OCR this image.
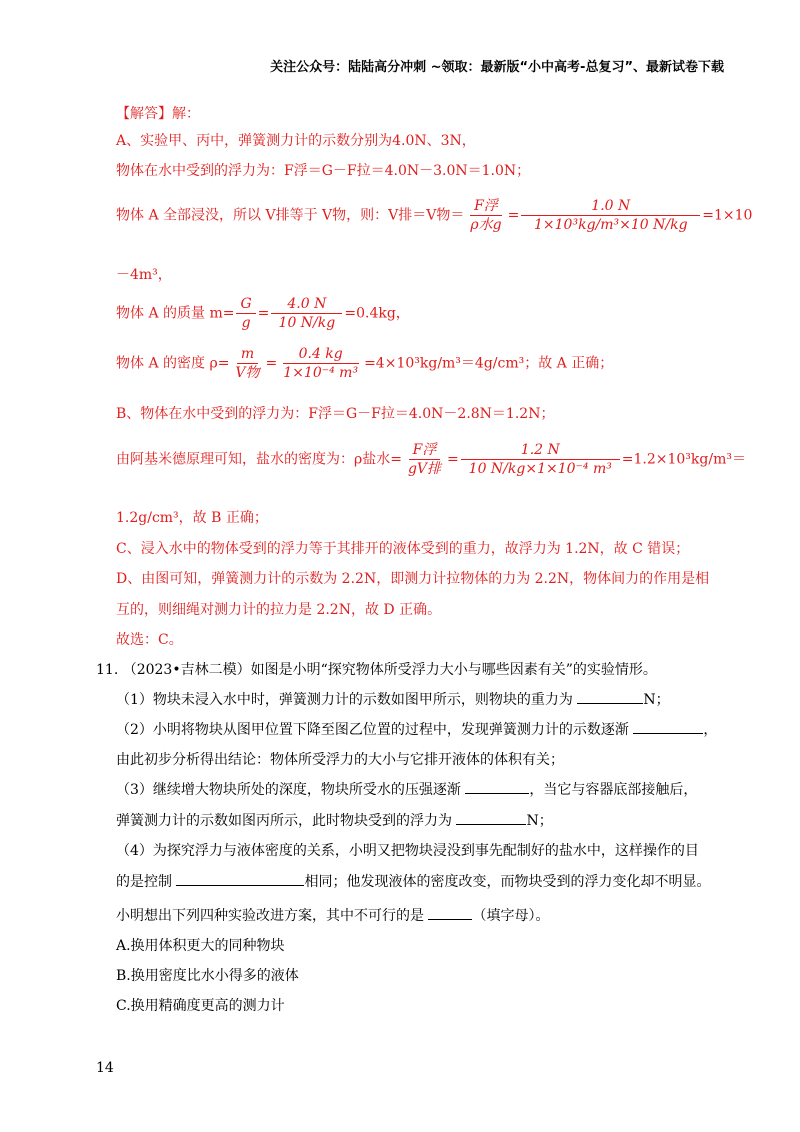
关注公众号：陆陆高分冲刺 ~领取：最新版“小中高考-总复习”、最新试卷下载
【解答】解：
A、实验甲、丙中，弹簧测力计的示数分别为4.0N、3N，
物体在水中受到的浮力为：F浮＝G－F拉＝4.0N－3.0N＝1.0N；
物体 A 全部浸没，所以 V排等于 V物，则：V排＝V物＝ $\frac{\text{F浮}}{\text{ρ水g}} = \frac{1.0 N}{\text{1×10³kg/m³×10 N/kg}} =1\times 10$
－4m³，
物体 A 的质量 $m= \frac{G}{g} = \frac{4.0 N}{10 N/kg} =0.4kg$，
物体 A 的密度 $\rho= \frac{m}{\text{V物}} = \frac{0.4 kg}{\text{1×10⁻⁴ m³}} =4\times 10^3kg/m^3=4g/cm^3$；故 A 正确；
B、物体在水中受到的浮力为：F浮＝G－F拉＝4.0N－2.8N＝1.2N；
由阿基米德原理可知，盐水的密度为：ρ盐水= $\frac{\text{F浮}}{\text{gV排}} = \frac{1.2 N}{\text{10 N/kg×1×10⁻⁴ m³}} =1.2\times 10^3kg/m^3=$
1.2g/cm³，故 B 正确；
C、浸入水中的物体受到的浮力等于其排开的液体受到的重力，故浮力为 1.2N，故 C 错误；
D、由图可知，弹簧测力计的示数为 2.2N，即测力计拉物体的力为 2.2N，物体间力的作用是相
互的，则细绳对测力计的拉力是 2.2N，故 D 正确。
故选：C。
11. （2023•吉林二模）如图是小明“探究物体所受浮力大小与哪些因素有关”的实验情形。
（1）物块未浸入水中时，弹簧测力计的示数如图甲所示，则物块的重力为	N；
（2）小明将物块从图甲位置下降至图乙位置的过程中，发现弹簧测力计的示数逐渐	，
由此初步分析得出结论：物体所受浮力的大小与它排开液体的体积有关；
（3）继续增大物块所处的深度，物块所受水的压强逐渐	，当它与容器底部接触后，
弹簧测力计的示数如图丙所示，此时物块受到的浮力为	N；
（4）为探究浮力与液体密度的关系，小明又把物块浸没到事先配制好的盐水中，这样操作的目
的是控制	相同；他发现液体的密度改变，而物块受到的浮力变化却不明显。
小明想出下列四种实验改进方案，其中不可行的是	（填字母）。
A.换用体积更大的同种物块
B.换用密度比水小得多的液体
C.换用精确度更高的测力计
14
